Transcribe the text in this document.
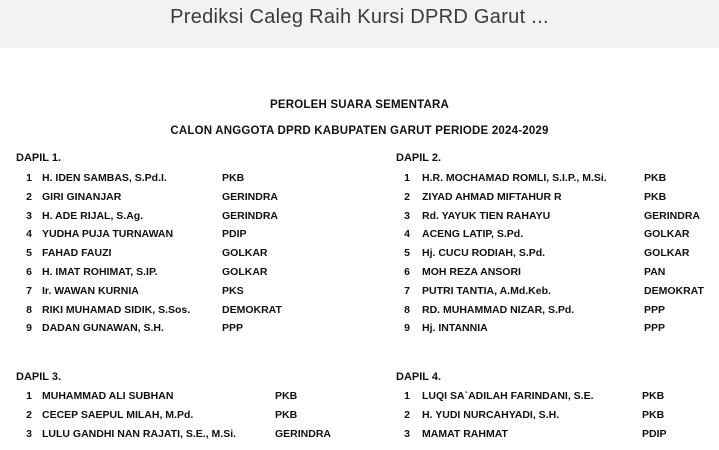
Prediksi Caleg Raih Kursi DPRD Garut ...
PEROLEH SUARA SEMENTARA
CALON ANGGOTA DPRD KABUPATEN GARUT PERIODE 2024-2029
DAPIL 1.
1 H. IDEN SAMBAS, S.Pd.I.	PKB
2 GIRI GINANJAR	GERINDRA
3 H. ADE RIJAL, S.Ag.	GERINDRA
4 YUDHA PUJA TURNAWAN	PDIP
5 FAHAD FAUZI	GOLKAR
6 H. IMAT ROHIMAT, S.IP.	GOLKAR
7 Ir. WAWAN KURNIA	PKS
8 RIKI MUHAMAD SIDIK, S.Sos.	DEMOKRAT
9 DADAN GUNAWAN, S.H.	PPP
DAPIL 2.
1 H.R. MOCHAMAD ROMLI, S.I.P., M.Si.	PKB
2 ZIYAD AHMAD MIFTAHUR R	PKB
3 Rd. YAYUK TIEN RAHAYU	GERINDRA
4 ACENG LATIP, S.Pd.	GOLKAR
5 Hj. CUCU RODIAH, S.Pd.	GOLKAR
6 MOH REZA ANSORI	PAN
7 PUTRI TANTIA, A.Md.Keb.	DEMOKRAT
8 RD. MUHAMMAD NIZAR, S.Pd.	PPP
9 Hj. INTANNIA	PPP
DAPIL 3.
1 MUHAMMAD ALI SUBHAN	PKB
2 CECEP SAEPUL MILAH, M.Pd.	PKB
3 LULU GANDHI NAN RAJATI, S.E., M.Si.	GERINDRA
DAPIL 4.
1 LUQI SA`ADILAH FARINDANI, S.E.	PKB
2 H. YUDI NURCAHYADI, S.H.	PKB
3 MAMAT RAHMAT	PDIP
